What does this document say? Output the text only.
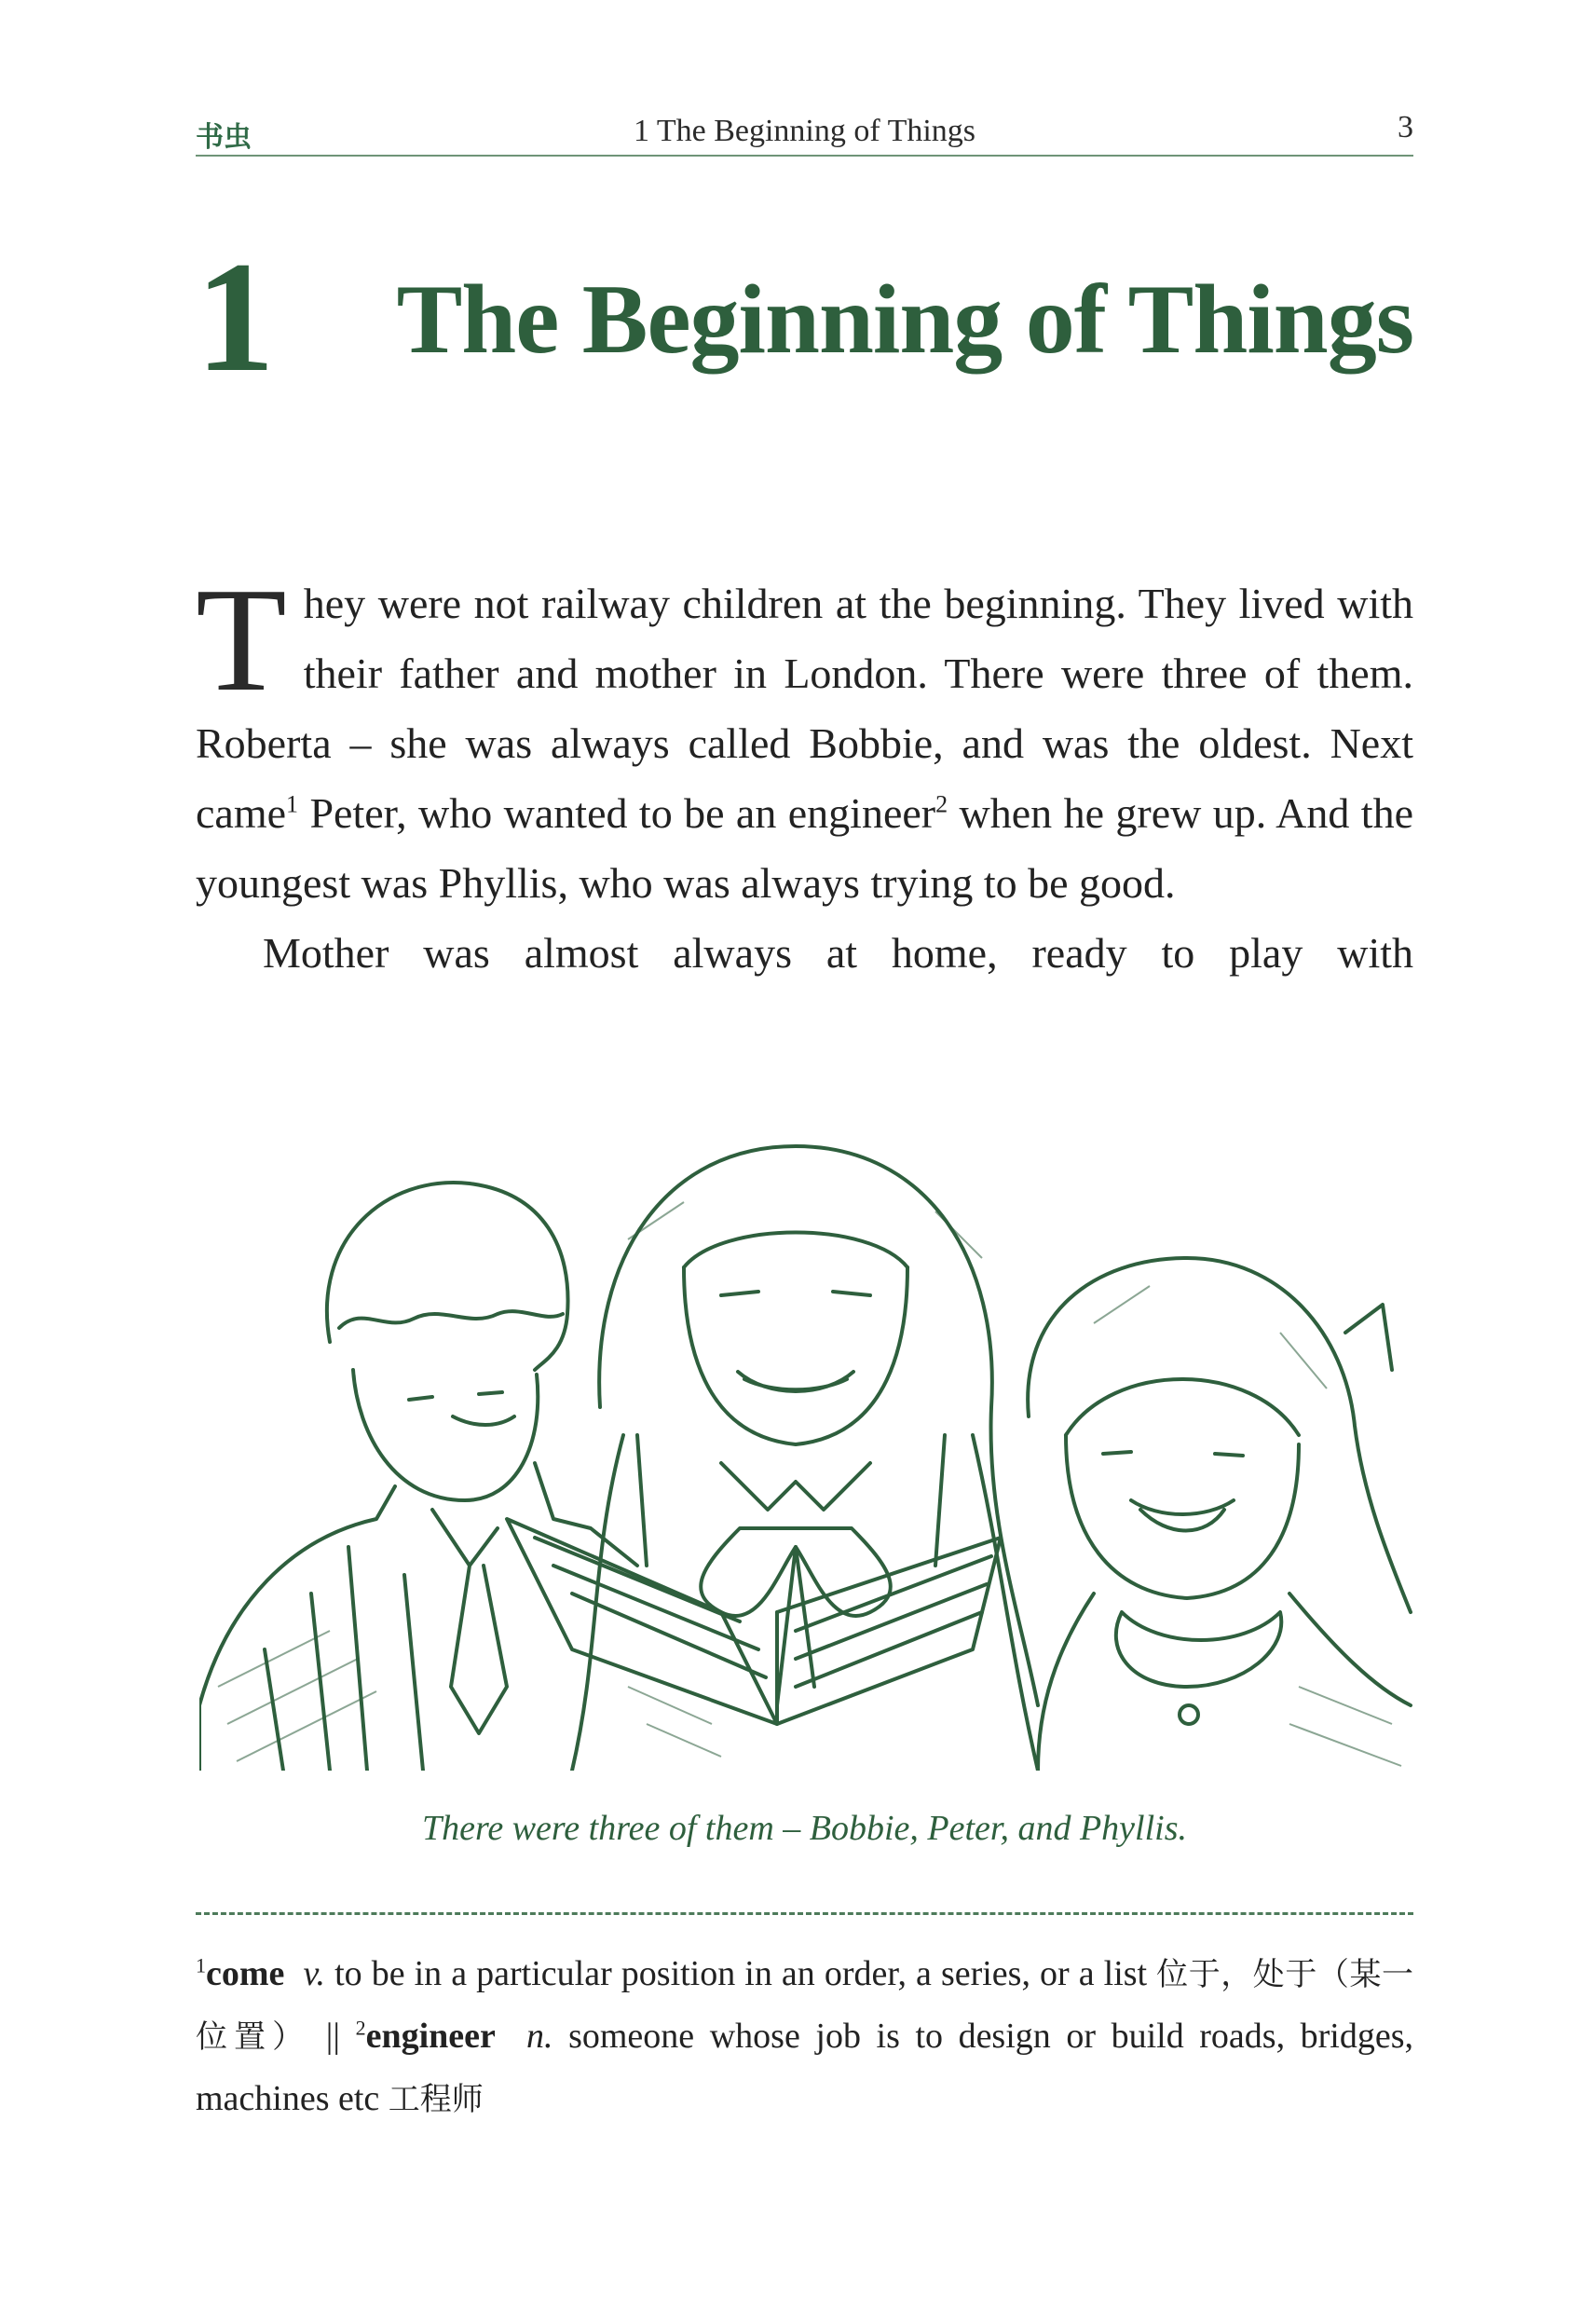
书虫	1 The Beginning of Things	3
1 The Beginning of Things

They were not railway children at the beginning. They lived with their father and mother in London. There were three of them. Roberta – she was always called Bobbie, and was the oldest. Next came$^1$ Peter, who wanted to be an engineer$^2$ when he grew up. And the youngest was Phyllis, who was always trying to be good.

Mother was almost always at home, ready to play with

There were three of them – Bobbie, Peter, and Phyllis.
$^1$come v. to be in a particular position in an order, a series, or a list 位于，处于（某一位置） || $^2$engineer n. someone whose job is to design or build roads, bridges, machines etc 工程师
